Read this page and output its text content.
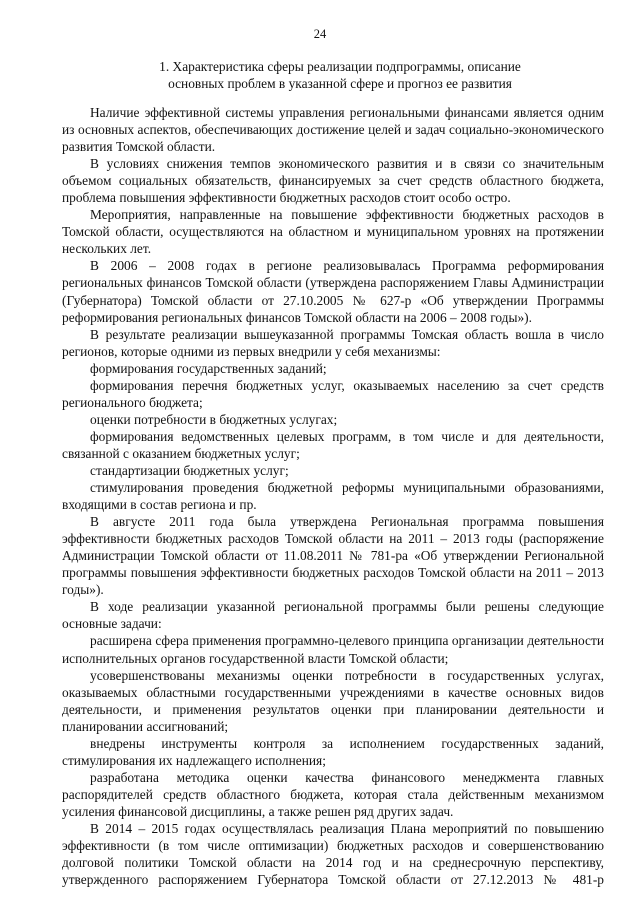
24
1. Характеристика сферы реализации подпрограммы, описание
основных проблем в указанной сфере и прогноз ее развития

Наличие эффективной системы управления региональными финансами является одним из основных аспектов, обеспечивающих достижение целей и задач социально-экономического развития Томской области.

В условиях снижения темпов экономического развития и в связи со значительным объемом социальных обязательств, финансируемых за счет средств областного бюджета, проблема повышения эффективности бюджетных расходов стоит особо остро.

Мероприятия, направленные на повышение эффективности бюджетных расходов в Томской области, осуществляются на областном и муниципальном уровнях на протяжении нескольких лет.

В 2006 – 2008 годах в регионе реализовывалась Программа реформирования региональных финансов Томской области (утверждена распоряжением Главы Администрации (Губернатора) Томской области от 27.10.2005 № 627-р «Об утверждении Программы реформирования региональных финансов Томской области на 2006 – 2008 годы»).

В результате реализации вышеуказанной программы Томская область вошла в число регионов, которые одними из первых внедрили у себя механизмы:

формирования государственных заданий;

формирования перечня бюджетных услуг, оказываемых населению за счет средств регионального бюджета;

оценки потребности в бюджетных услугах;

формирования ведомственных целевых программ, в том числе и для деятельности, связанной с оказанием бюджетных услуг;

стандартизации бюджетных услуг;

стимулирования проведения бюджетной реформы муниципальными образованиями, входящими в состав региона и пр.

В августе 2011 года была утверждена Региональная программа повышения эффективности бюджетных расходов Томской области на 2011 – 2013 годы (распоряжение Администрации Томской области от 11.08.2011 № 781-ра «Об утверждении Региональной программы повышения эффективности бюджетных расходов Томской области на 2011 – 2013 годы»).

В ходе реализации указанной региональной программы были решены следующие основные задачи:

расширена сфера применения программно-целевого принципа организации деятельности исполнительных органов государственной власти Томской области;

усовершенствованы механизмы оценки потребности в государственных услугах, оказываемых областными государственными учреждениями в качестве основных видов деятельности, и применения результатов оценки при планировании деятельности и планировании ассигнований;

внедрены инструменты контроля за исполнением государственных заданий, стимулирования их надлежащего исполнения;

разработана методика оценки качества финансового менеджмента главных распорядителей средств областного бюджета, которая стала действенным механизмом усиления финансовой дисциплины, а также решен ряд других задач.

В 2014 – 2015 годах осуществлялась реализация Плана мероприятий по повышению эффективности (в том числе оптимизации) бюджетных расходов и совершенствованию долговой политики Томской области на 2014 год и на среднесрочную перспективу, утвержденного распоряжением Губернатора Томской области от 27.12.2013 № 481-р
